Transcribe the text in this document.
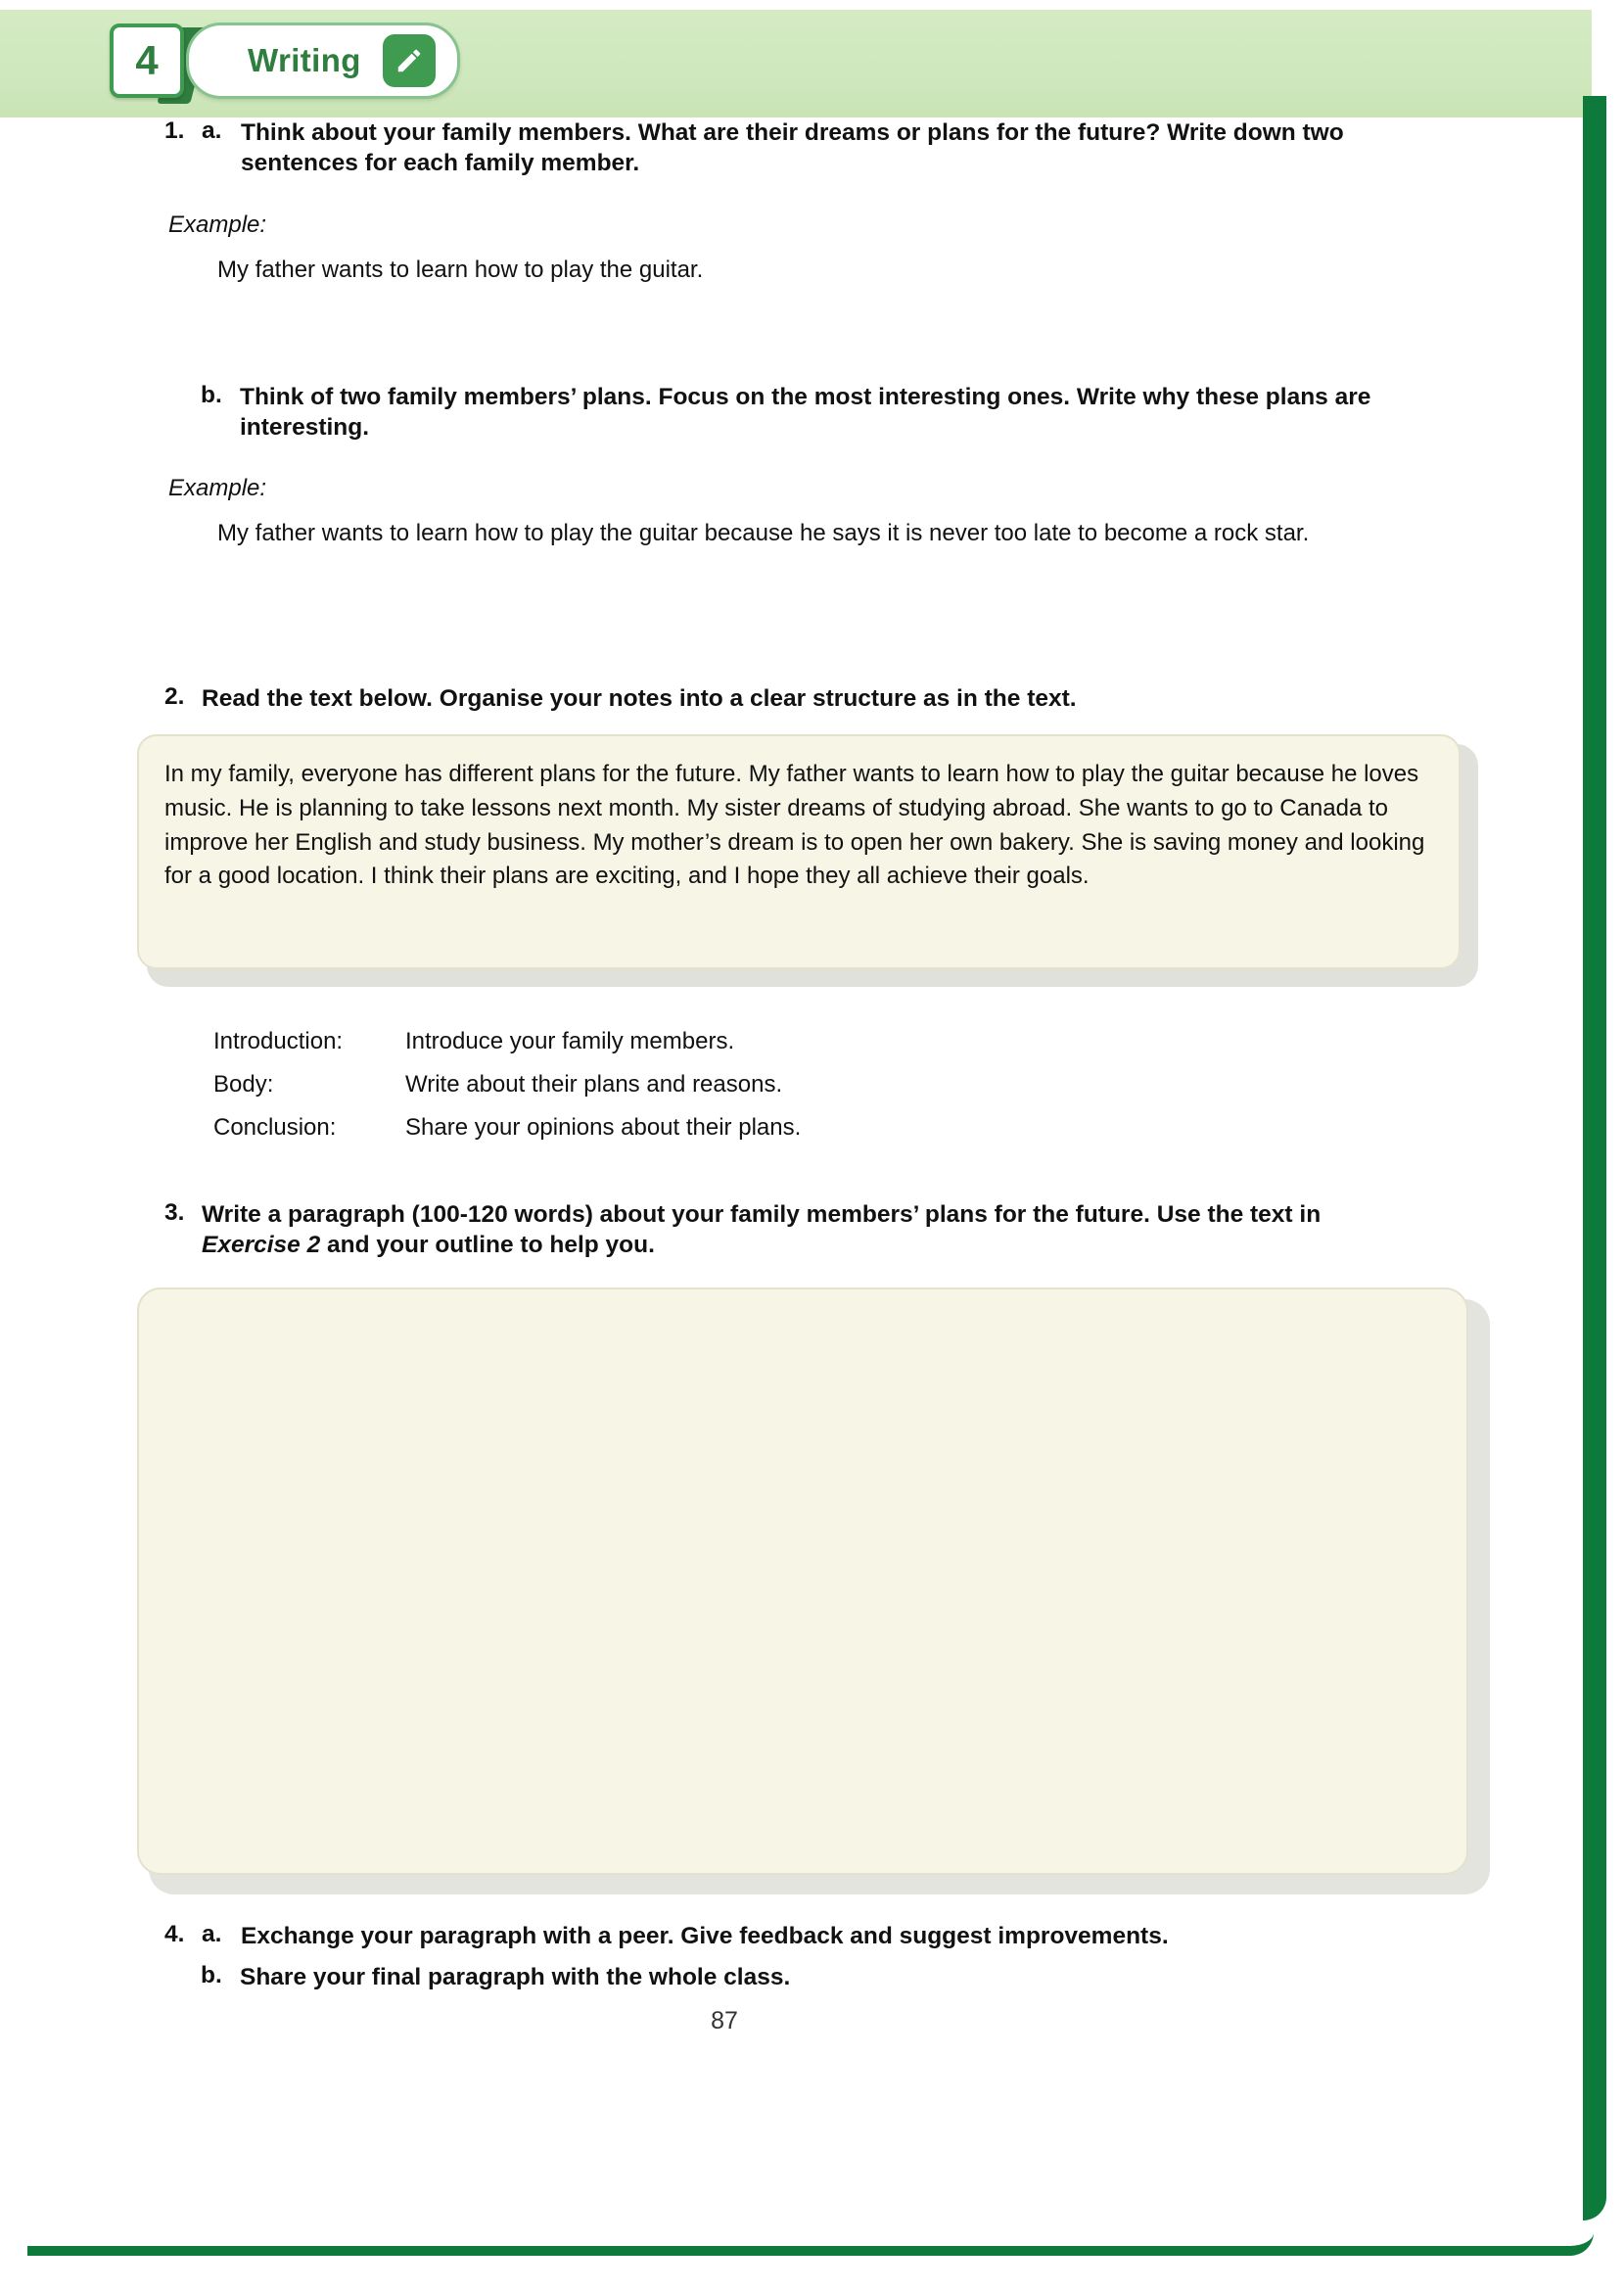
4	Writing
1. a. Think about your family members. What are their dreams or plans for the future? Write down two sentences for each family member.
Example:
My father wants to learn how to play the guitar.
b. Think of two family members’ plans. Focus on the most interesting ones. Write why these plans are interesting.
Example:
My father wants to learn how to play the guitar because he says it is never too late to become a rock star.
2. Read the text below. Organise your notes into a clear structure as in the text.
In my family, everyone has different plans for the future. My father wants to learn how to play the guitar because he loves music. He is planning to take lessons next month. My sister dreams of studying abroad. She wants to go to Canada to improve her English and study business. My mother’s dream is to open her own bakery. She is saving money and looking for a good location. I think their plans are exciting, and I hope they all achieve their goals.
Introduction:	Introduce your family members.
Body:	Write about their plans and reasons.
Conclusion:	Share your opinions about their plans.
3. Write a paragraph (100-120 words) about your family members’ plans for the future. Use the text in Exercise 2 and your outline to help you.
4. a. Exchange your paragraph with a peer. Give feedback and suggest improvements.
b. Share your final paragraph with the whole class.
87
